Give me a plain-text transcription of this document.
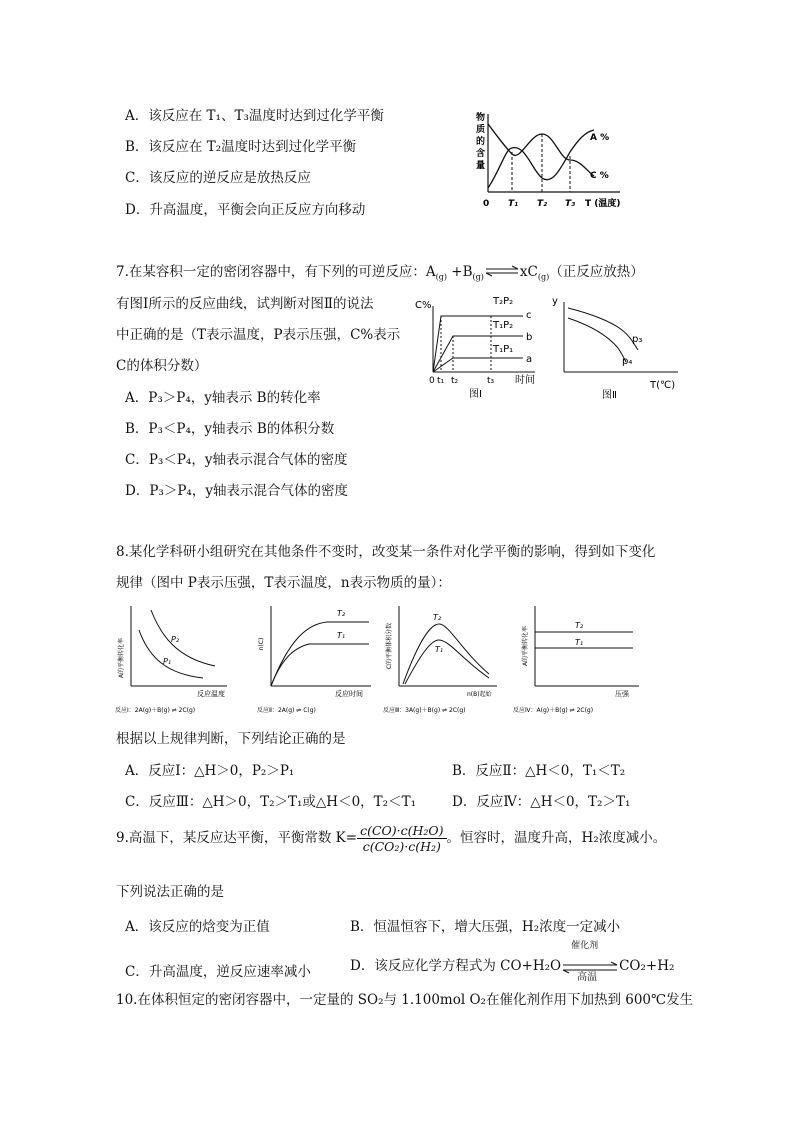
A．该反应在 T₁、T₃温度时达到过化学平衡
B．该反应在 T₂温度时达到过化学平衡
C．该反应的逆反应是放热反应
D．升高温度，平衡会向正反应方向移动
物
质
的
含
量
A %
C %
0 T₁ T₂ T₃ T (温度)
7.在某容积一定的密闭容器中，有下列的可逆反应：$A_{(g)} +B_{(g)}$	$xC_{(g)}$（正反应放热）
有图Ⅰ所示的反应曲线，试判断对图Ⅱ的说法
中正确的是（T表示温度，P表示压强，C%表示
C的体积分数）
C%	T₂P₂
T₁P₂
T₁P₁
c
b
a
0 t₁ t₂	t₃ 时间
图Ⅰ
y
p₃
p₄
T(℃)
图Ⅱ
A．P₃＞P₄，y轴表示 B的转化率
B．P₃＜P₄，y轴表示 B的体积分数
C．P₃＜P₄，y轴表示混合气体的密度
D．P₃＞P₄，y轴表示混合气体的密度
8.某化学科研小组研究在其他条件不变时，改变某一条件对化学平衡的影响，得到如下变化
规律（图中 P表示压强，T表示温度，n表示物质的量）：
A的平衡转化率	P₂
P₁
反应温度
反应Ⅰ：2A(g)＋B(g) ⇌ 2C(g)
n(C)
T₂
T₁
反应时间
反应Ⅱ：2A(g) ⇌ C(g)
C的平衡体积分数
T₂
T₁
n(B)起始
反应Ⅲ：3A(g)＋B(g) ⇌ 2C(g)
A的平衡转化率
T₂
T₁
压强
反应Ⅳ：A(g)＋B(g) ⇌ 2C(g)
根据以上规律判断，下列结论正确的是
A．反应Ⅰ：△H＞0，P₂＞P₁	B．反应Ⅱ：△H＜0，T₁＜T₂
C．反应Ⅲ：△H＞0，T₂＞T₁或△H＜0，T₂＜T₁	D．反应Ⅳ：△H＜0，T₂＞T₁
9.高温下，某反应达平衡，平衡常数 $K= \frac{\text{c(CO)·c(H₂O)}}{\text{c(CO₂)·c(H₂)}}$ 。恒容时，温度升高，H₂浓度减小。
下列说法正确的是
A．该反应的焓变为正值	B．恒温恒容下，增大压强，H₂浓度一定减小
C．升高温度，逆反应速率减小	D．该反应化学方程式为 CO+H₂O
催化剂
高温
CO₂+H₂
10.在体积恒定的密闭容器中，一定量的 SO₂与 1.100mol O₂在催化剂作用下加热到 600℃发生
